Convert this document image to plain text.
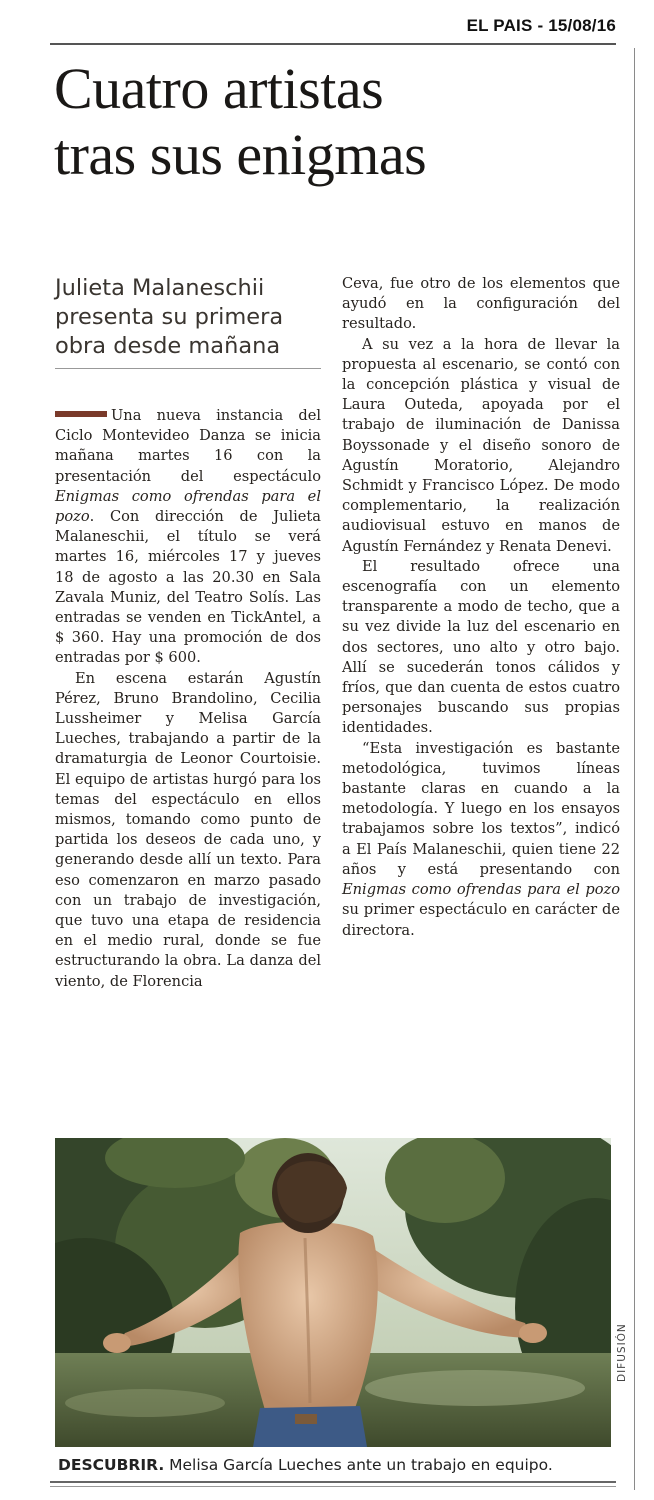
EL PAIS - 15/08/16
Cuatro artistas
tras sus enigmas
Julieta Malaneschii presenta su primera obra desde mañana

Una nueva instancia del Ciclo Montevideo Danza se inicia mañana martes 16 con la presentación del espectáculo Enigmas como ofrendas para el pozo. Con dirección de Julieta Malaneschii, el título se verá martes 16, miércoles 17 y jueves 18 de agosto a las 20.30 en Sala Zavala Muniz, del Teatro Solís. Las entradas se venden en TickAntel, a $ 360. Hay una promoción de dos entradas por $ 600.

En escena estarán Agustín Pérez, Bruno Brandolino, Cecilia Lussheimer y Melisa García Lueches, trabajando a partir de la dramaturgia de Leonor Courtoisie. El equipo de artistas hurgó para los temas del espectáculo en ellos mismos, tomando como punto de partida los deseos de cada uno, y generando desde allí un texto. Para eso comenzaron en marzo pasado con un trabajo de investigación, que tuvo una etapa de residencia en el medio rural, donde se fue estructurando la obra. La danza del viento, de Florencia

Ceva, fue otro de los elementos que ayudó en la configuración del resultado.

A su vez a la hora de llevar la propuesta al escenario, se contó con la concepción plástica y visual de Laura Outeda, apoyada por el trabajo de iluminación de Danissa Boyssonade y el diseño sonoro de Agustín Moratorio, Alejandro Schmidt y Francisco López. De modo complementario, la realización audiovisual estuvo en manos de Agustín Fernández y Renata Denevi.

El resultado ofrece una escenografía con un elemento transparente a modo de techo, que a su vez divide la luz del escenario en dos sectores, uno alto y otro bajo. Allí se sucederán tonos cálidos y fríos, que dan cuenta de estos cuatro personajes buscando sus propias identidades.

“Esta investigación es bastante metodológica, tuvimos líneas bastante claras en cuando a la metodología. Y luego en los ensayos trabajamos sobre los textos”, indicó a El País Malaneschii, quien tiene 22 años y está presentando con Enigmas como ofrendas para el pozo su primer espectáculo en carácter de directora.

DIFUSIÓN
DESCUBRIR. Melisa García Lueches ante un trabajo en equipo.
